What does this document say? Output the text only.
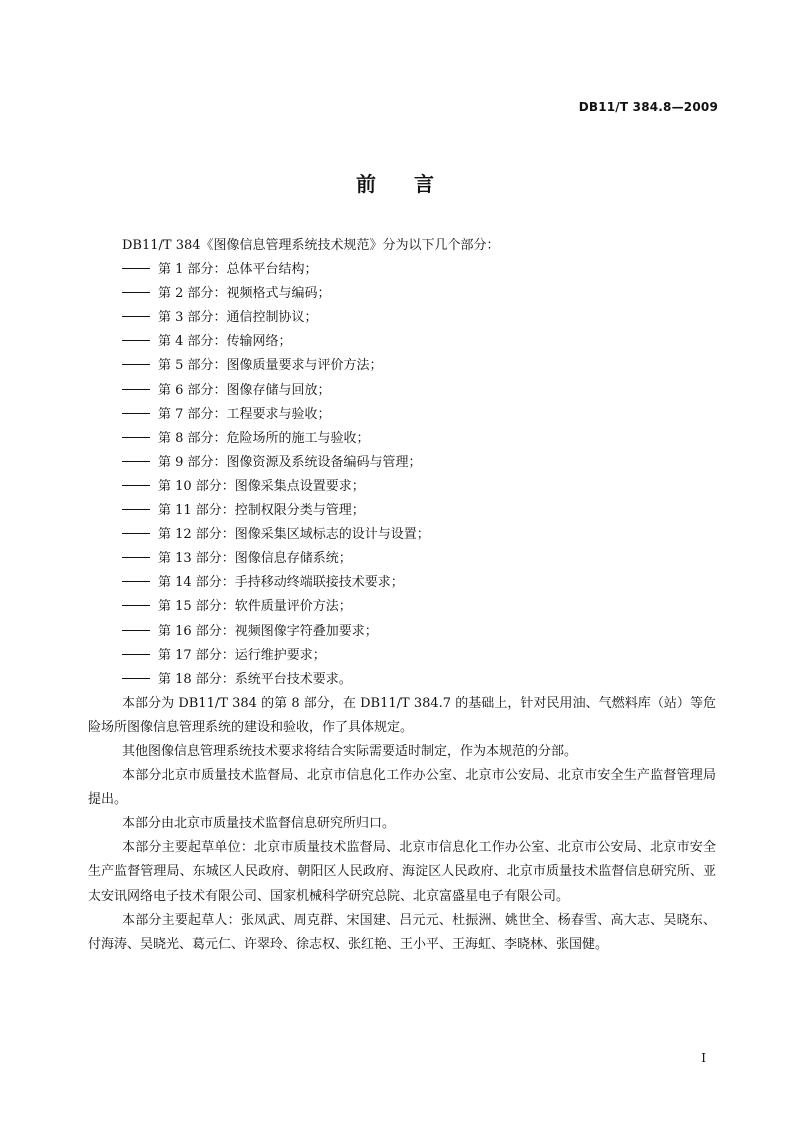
DB11/T 384.8—2009
前 言
DB11/T 384《图像信息管理系统技术规范》分为以下几个部分：
第 1 部分：总体平台结构；
第 2 部分：视频格式与编码；
第 3 部分：通信控制协议；
第 4 部分：传输网络；
第 5 部分：图像质量要求与评价方法；
第 6 部分：图像存储与回放；
第 7 部分：工程要求与验收；
第 8 部分：危险场所的施工与验收；
第 9 部分：图像资源及系统设备编码与管理；
第 10 部分：图像采集点设置要求；
第 11 部分：控制权限分类与管理；
第 12 部分：图像采集区域标志的设计与设置；
第 13 部分：图像信息存储系统；
第 14 部分：手持移动终端联接技术要求；
第 15 部分：软件质量评价方法；
第 16 部分：视频图像字符叠加要求；
第 17 部分：运行维护要求；
第 18 部分：系统平台技术要求。

本部分为 DB11/T 384 的第 8 部分，在 DB11/T 384.7 的基础上，针对民用油、气燃料库（站）等危险场所图像信息管理系统的建设和验收，作了具体规定。

其他图像信息管理系统技术要求将结合实际需要适时制定，作为本规范的分部。

本部分北京市质量技术监督局、北京市信息化工作办公室、北京市公安局、北京市安全生产监督管理局提出。

本部分由北京市质量技术监督信息研究所归口。

本部分主要起草单位：北京市质量技术监督局、北京市信息化工作办公室、北京市公安局、北京市安全生产监督管理局、东城区人民政府、朝阳区人民政府、海淀区人民政府、北京市质量技术监督信息研究所、亚太安讯网络电子技术有限公司、国家机械科学研究总院、北京富盛星电子有限公司。

本部分主要起草人：张凤武、周克群、宋国建、吕元元、杜振洲、姚世全、杨春雪、高大志、吴晓东、付海涛、吴晓光、葛元仁、许翠玲、徐志权、张红艳、王小平、王海虹、李晓林、张国健。

I
